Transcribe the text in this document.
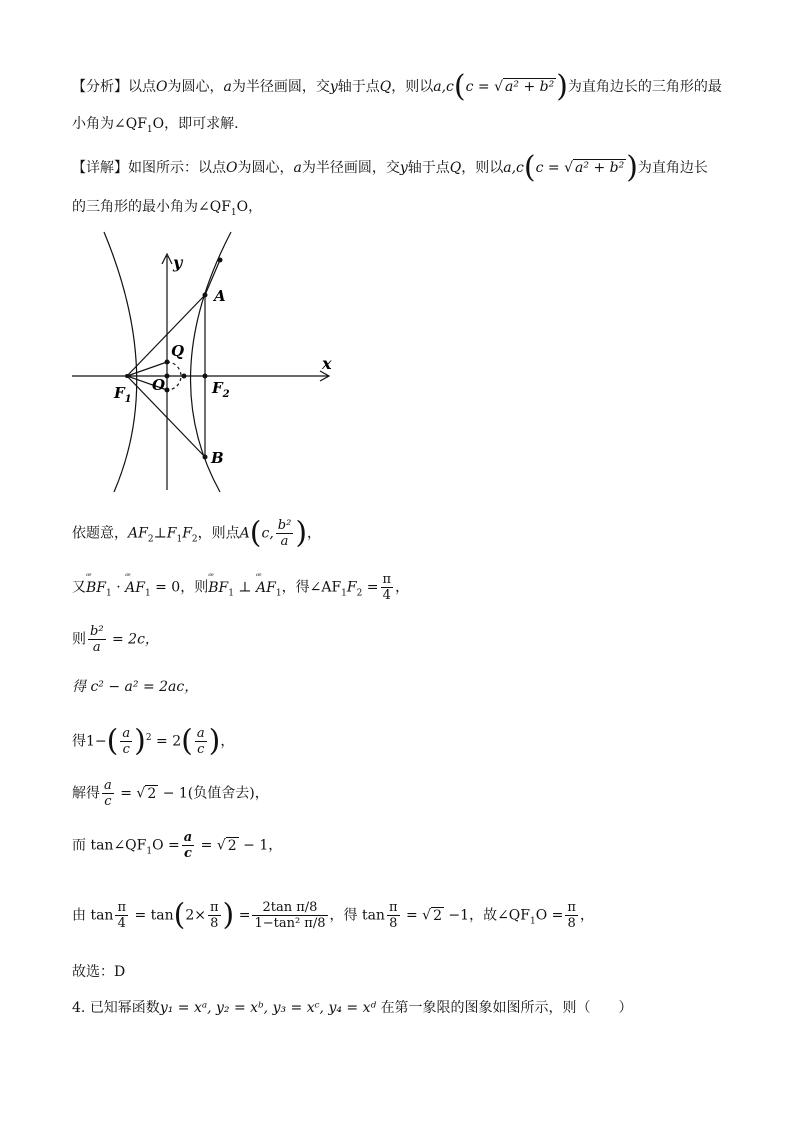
【分析】以点O为圆心，a为半径画圆，交y轴于点Q，则以a,c(c = √ a² + b²)为直角边长的三角形的最
小角为$\angle QF_1O$，即可求解.
【详解】如图所示：以点O为圆心，a为半径画圆，交y轴于点Q，则以a,c(c = √ a² + b²)为直角边长
的三角形的最小角为$\angle QF_1O$，
y
x
A
B
Q
O
$F_1$
$F_2$
依题意，$AF_2\perp F_1F_2$，则点A(c, $\frac{\text{b²}}{a}$ )，
又ꟹ $BF_1$ · ꟹ $AF_1 = 0$，则ꟹ $BF_1$ ⊥ ꟹ $AF_1$，得$\angle AF_1F_2 = \frac{\pi}{4}$ ，
则 $\frac{\text{b²}}{a} = 2c$，
得 c² − a² = 2ac，
得$1-( \frac{a}{c} )^2 = 2( \frac{a}{c}$ )，
解得 $\frac{a}{c}$ = √ 2 − 1(负值舍去)，
而 $\tan\angle QF_1O = \frac{a}{c}$ = √ 2 − 1，
由 $\tan \frac{\pi}{4} = \tan(2\times \frac{\pi}{8}$ ) = $\frac{\text{2tan π/8}}{\text{1−tan² π/8}}$ ，得 $\tan \frac{\pi}{8}$ = √ 2 −1，故$\angle QF_1O = \frac{\pi}{8}$ ，
故选：D
4. 已知幂函数y₁ = xᵃ, y₂ = xᵇ, y₃ = xᶜ, y₄ = xᵈ 在第一象限的图象如图所示，则（　　）
